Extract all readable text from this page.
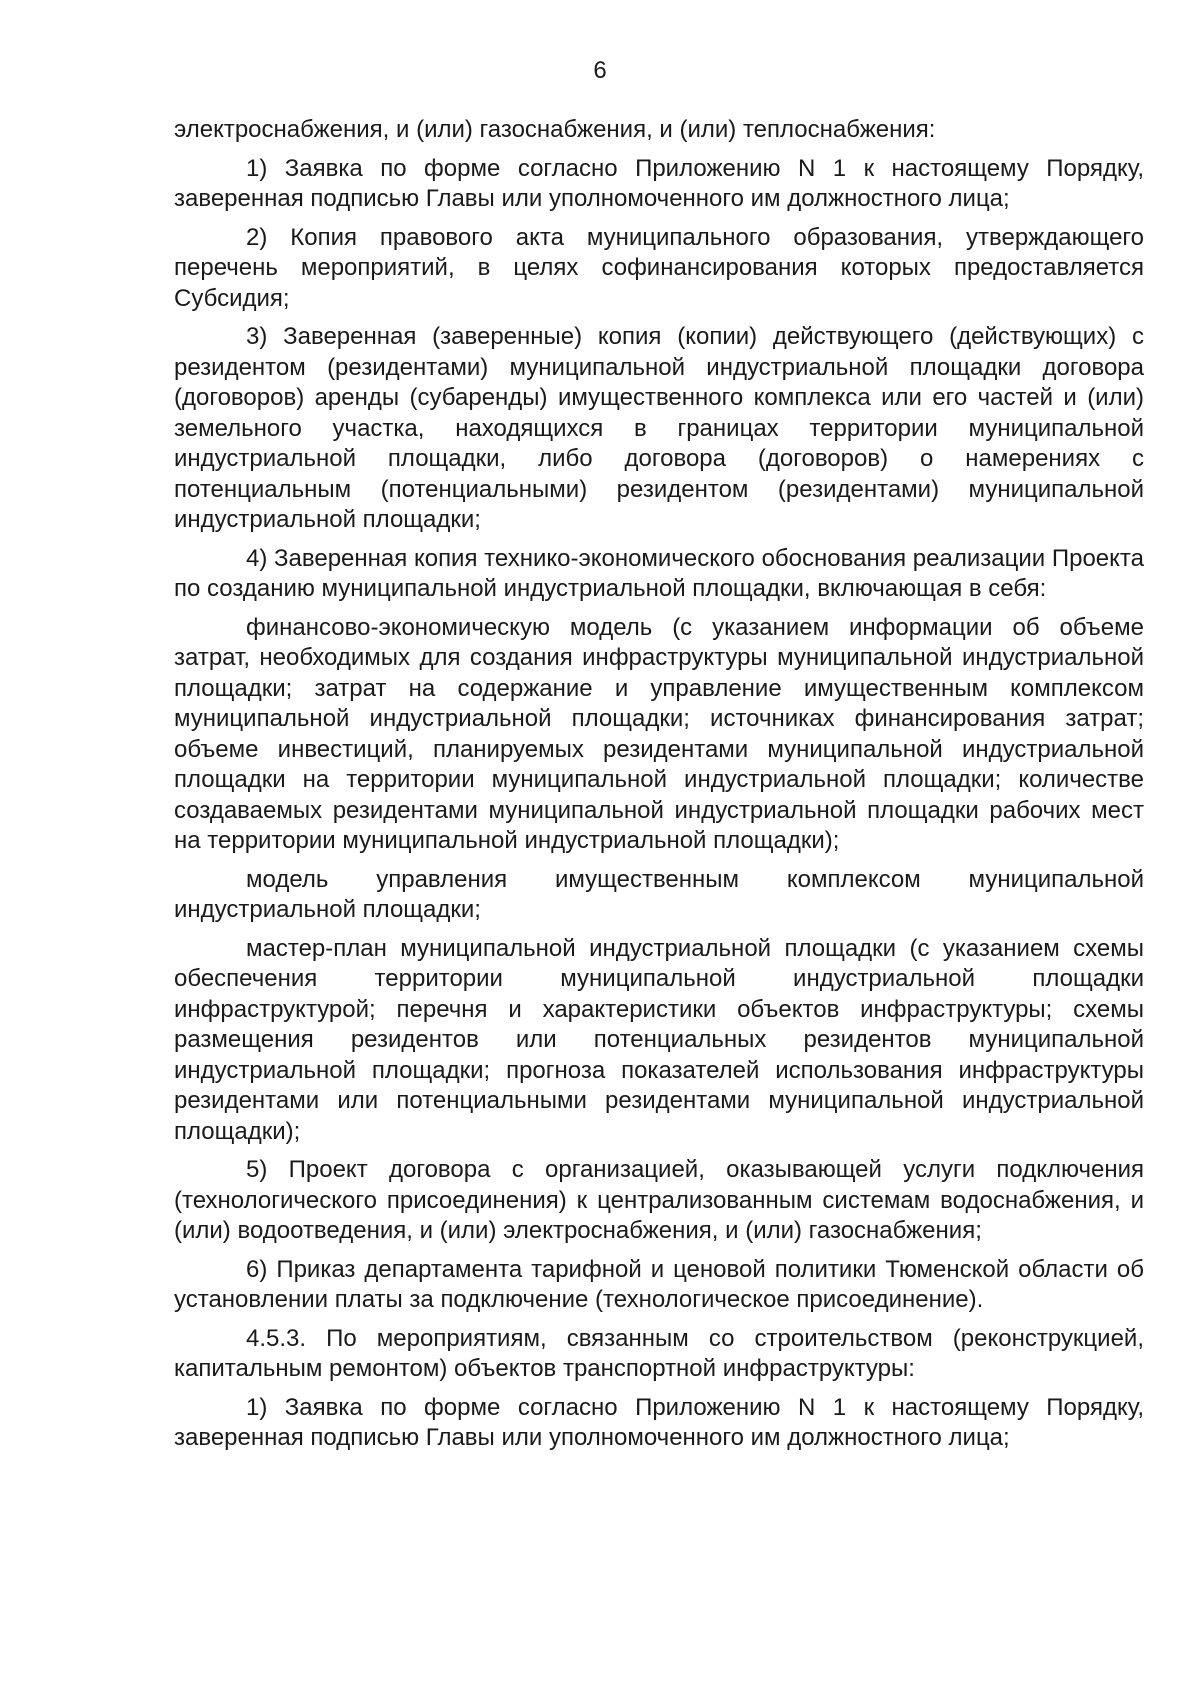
6

электроснабжения, и (или) газоснабжения, и (или) теплоснабжения:

1) Заявка по форме согласно Приложению N 1 к настоящему Порядку, заверенная подписью Главы или уполномоченного им должностного лица;

2) Копия правового акта муниципального образования, утверждающего перечень мероприятий, в целях софинансирования которых предоставляется Субсидия;

3) Заверенная (заверенные) копия (копии) действующего (действующих) с резидентом (резидентами) муниципальной индустриальной площадки договора (договоров) аренды (субаренды) имущественного комплекса или его частей и (или) земельного участка, находящихся в границах территории муниципальной индустриальной площадки, либо договора (договоров) о намерениях с потенциальным (потенциальными) резидентом (резидентами) муниципальной индустриальной площадки;

4) Заверенная копия технико-экономического обоснования реализации Проекта по созданию муниципальной индустриальной площадки, включающая в себя:

финансово-экономическую модель (с указанием информации об объеме затрат, необходимых для создания инфраструктуры муниципальной индустриальной площадки; затрат на содержание и управление имущественным комплексом муниципальной индустриальной площадки; источниках финансирования затрат; объеме инвестиций, планируемых резидентами муниципальной индустриальной площадки на территории муниципальной индустриальной площадки; количестве создаваемых резидентами муниципальной индустриальной площадки рабочих мест на территории муниципальной индустриальной площадки);

модель управления имущественным комплексом муниципальной индустриальной площадки;

мастер-план муниципальной индустриальной площадки (с указанием схемы обеспечения территории муниципальной индустриальной площадки инфраструктурой; перечня и характеристики объектов инфраструктуры; схемы размещения резидентов или потенциальных резидентов муниципальной индустриальной площадки; прогноза показателей использования инфраструктуры резидентами или потенциальными резидентами муниципальной индустриальной площадки);

5) Проект договора с организацией, оказывающей услуги подключения (технологического присоединения) к централизованным системам водоснабжения, и (или) водоотведения, и (или) электроснабжения, и (или) газоснабжения;

6) Приказ департамента тарифной и ценовой политики Тюменской области об установлении платы за подключение (технологическое присоединение).

4.5.3. По мероприятиям, связанным со строительством (реконструкцией, капитальным ремонтом) объектов транспортной инфраструктуры:

1) Заявка по форме согласно Приложению N 1 к настоящему Порядку, заверенная подписью Главы или уполномоченного им должностного лица;
